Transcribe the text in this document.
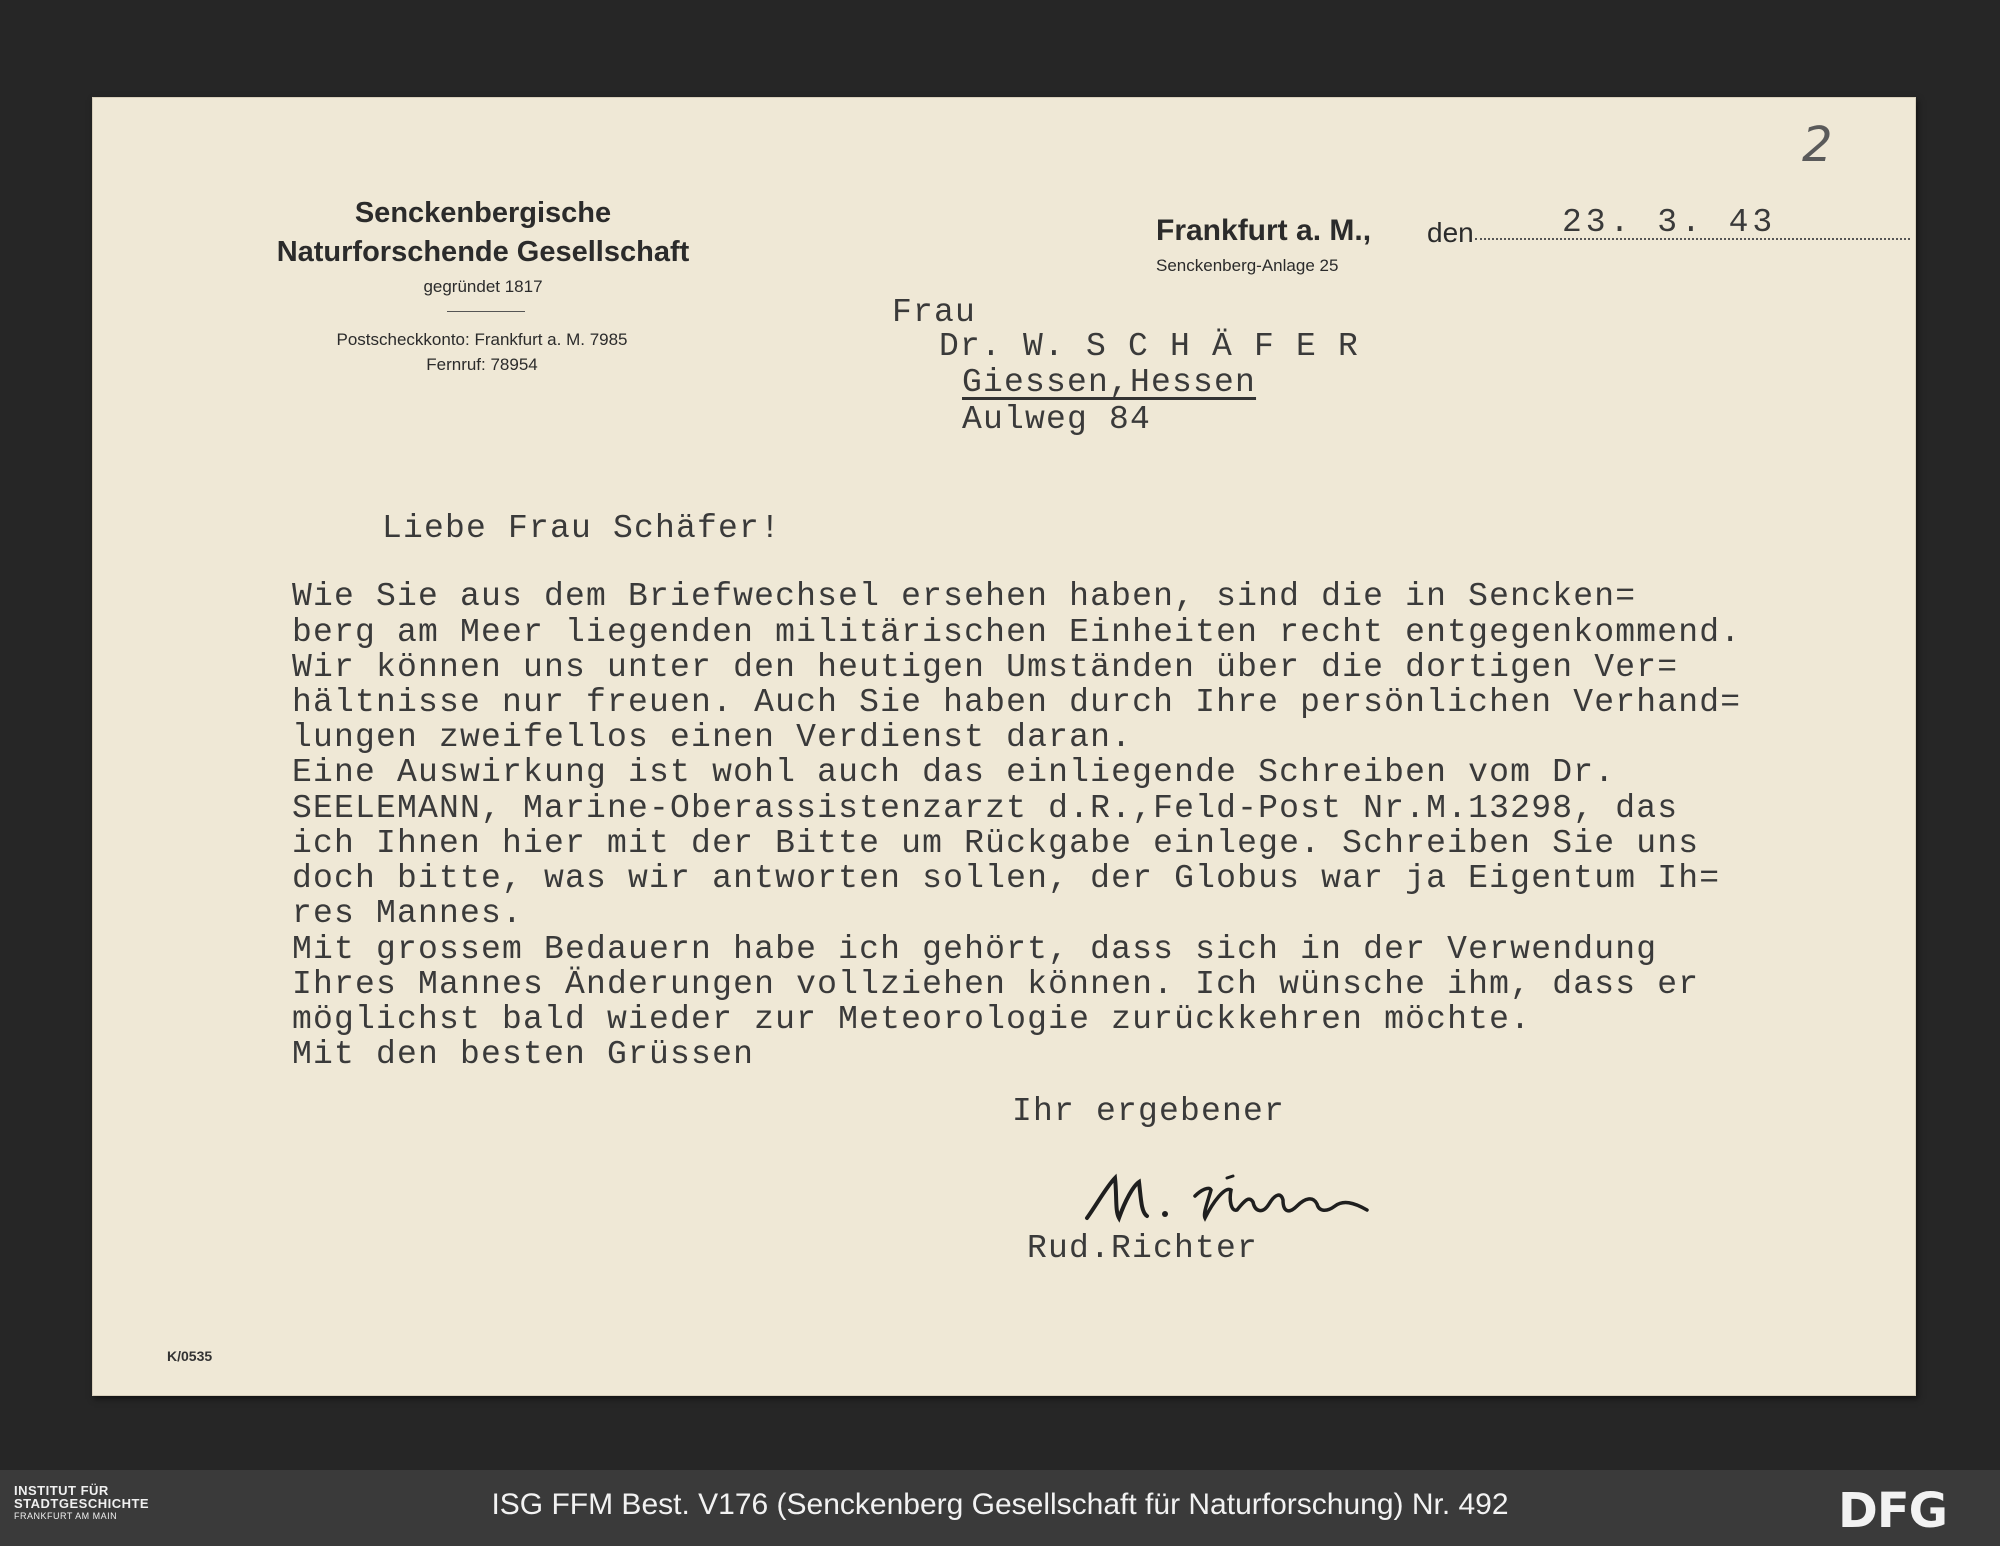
2
Senckenbergische
Naturforschende Gesellschaft
gegründet 1817
Postscheckkonto: Frankfurt a. M. 7985
Fernruf: 78954
Frankfurt a. M., den	23. 3. 43
Senckenberg-Anlage 25
Frau
Dr. W. S C H Ä F E R
Giessen,Hessen
Aulweg 84
Liebe Frau Schäfer!
Wie Sie aus dem Briefwechsel ersehen haben, sind die in Sencken=
berg am Meer liegenden militärischen Einheiten recht entgegenkommend.
Wir können uns unter den heutigen Umständen über die dortigen Ver=
hältnisse nur freuen. Auch Sie haben durch Ihre persönlichen Verhand=
lungen zweifellos einen Verdienst daran.
Eine Auswirkung ist wohl auch das einliegende Schreiben vom Dr.
SEELEMANN, Marine-Oberassistenzarzt d.R.,Feld-Post Nr.M.13298, das
ich Ihnen hier mit der Bitte um Rückgabe einlege. Schreiben Sie uns
doch bitte, was wir antworten sollen, der Globus war ja Eigentum Ih=
res Mannes.
Mit grossem Bedauern habe ich gehört, dass sich in der Verwendung
Ihres Mannes Änderungen vollziehen können. Ich wünsche ihm, dass er
möglichst bald wieder zur Meteorologie zurückkehren möchte.
Mit den besten Grüssen
Ihr ergebener
Rud.Richter
K/0535
INSTITUT FÜR
STADTGESCHICHTE
FRANKFURT AM MAIN	ISG FFM Best. V176 (Senckenberg Gesellschaft für Naturforschung) Nr. 492	DFG
